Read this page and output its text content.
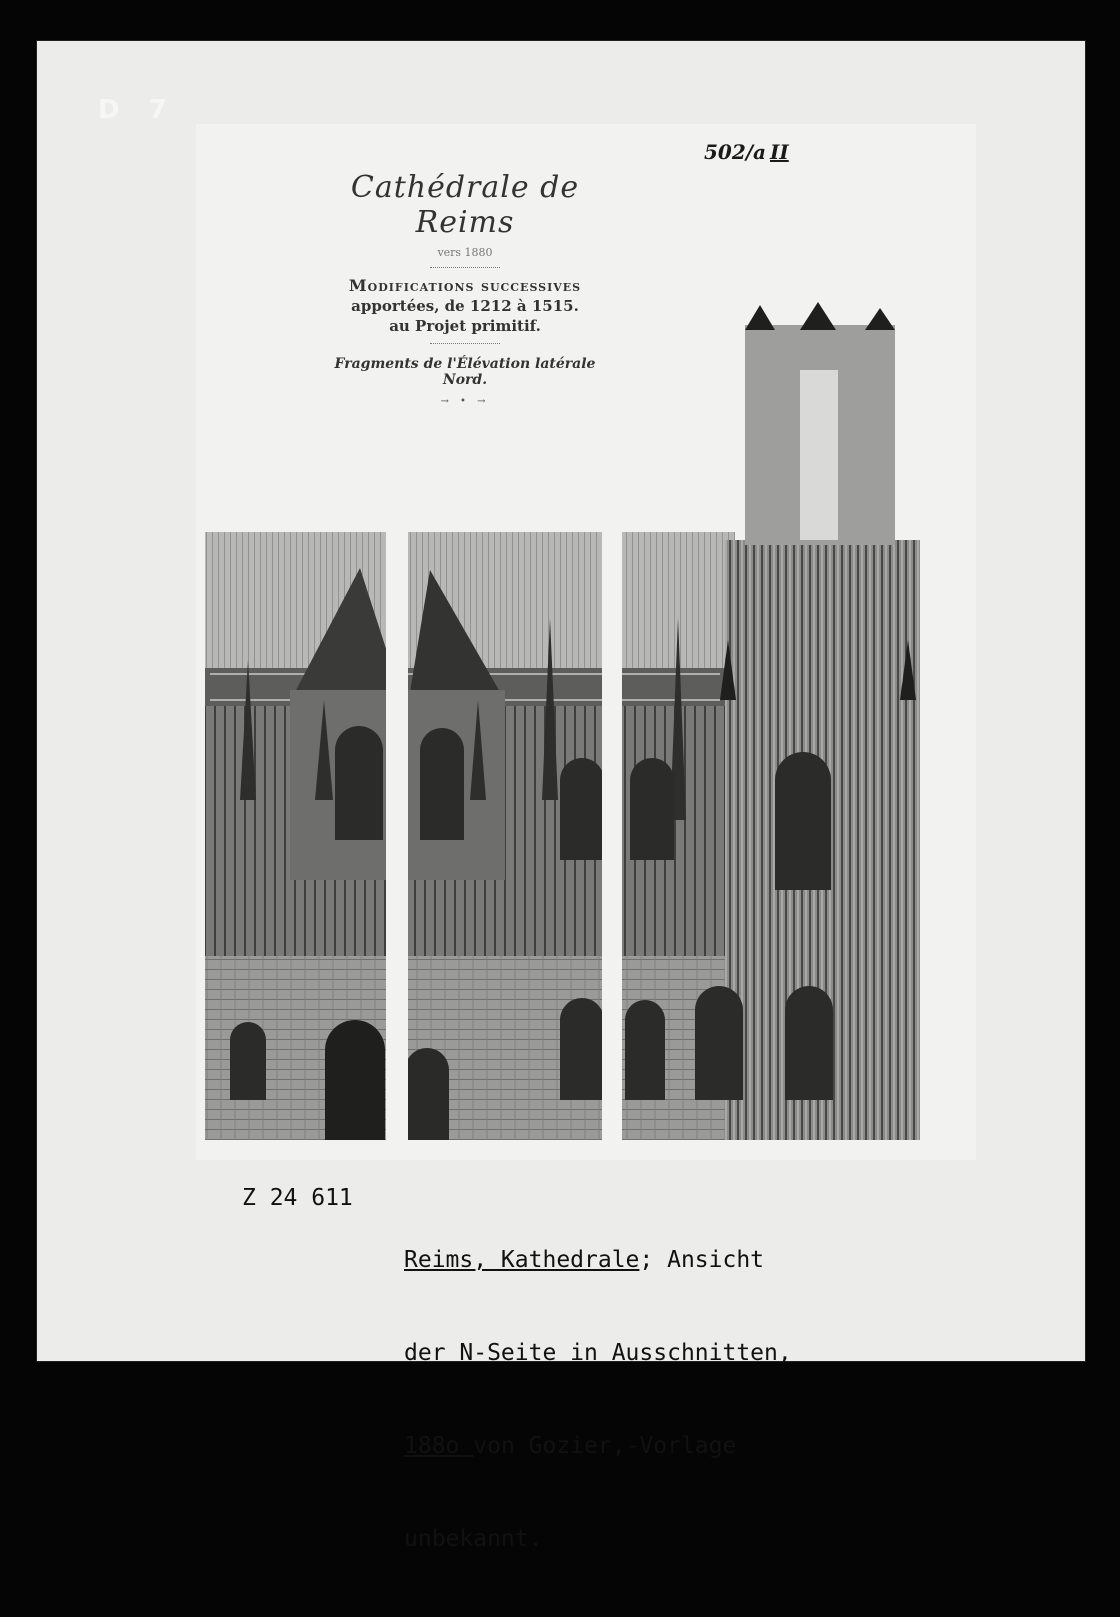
D 7
502/a II
Cathédrale de Reims
vers 1880
Modifications successives
apportées, de 1212 à 1515.
au Projet primitif.
Fragments de l'Élévation latérale Nord.
→ • →

Z 24 611

Reims, Kathedrale; Ansicht

der N-Seite in Ausschnitten,

188o von Gozier,-Vorlage

unbekannt.
